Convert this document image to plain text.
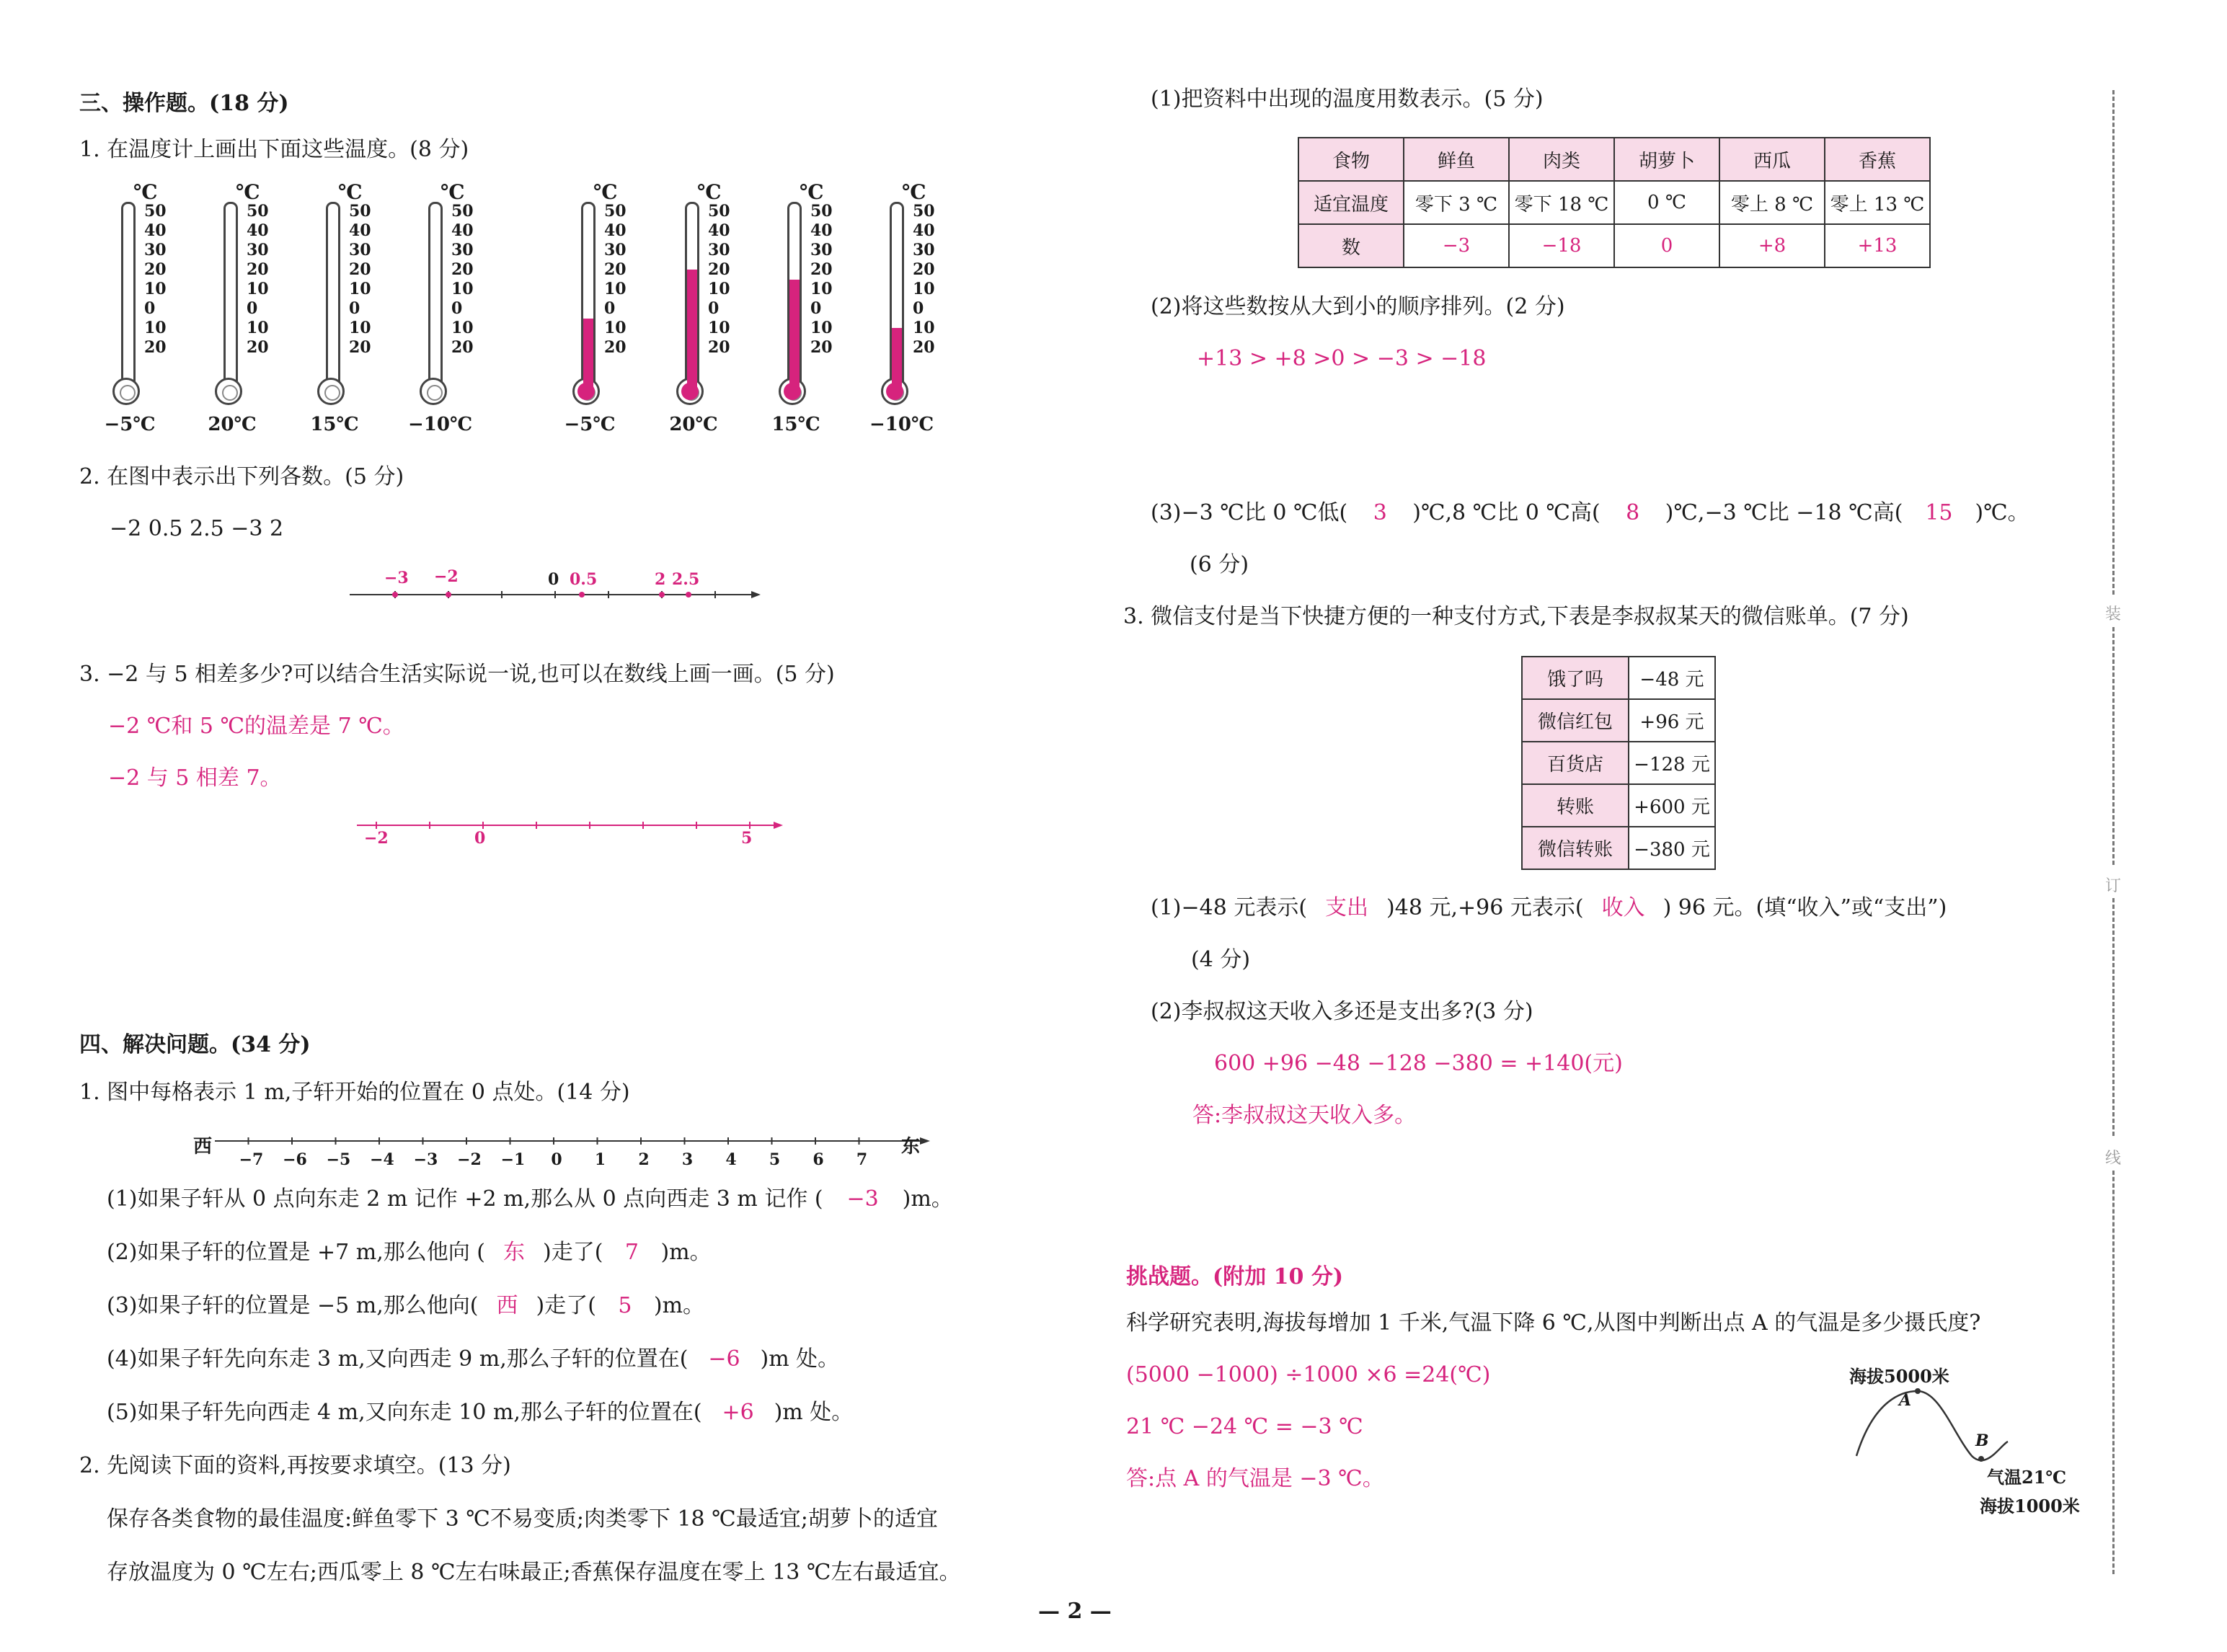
三、操作题。(18 分)
1. 在温度计上画出下面这些温度。(8 分)
℃
50
40
30
20
10
0
10
20
−5℃
℃
50
40
30
20
10
0
10
20
20℃
℃
50
40
30
20
10
0
10
20
15℃
℃
50
40
30
20
10
0
10
20
−10℃
℃
50
40
30
20
10
0
10
20
−5℃
℃
50
40
30
20
10
0
10
20
20℃
℃
50
40
30
20
10
0
10
20
15℃
℃
50
40
30
20
10
0
10
20
−10℃
2. 在图中表示出下列各数。(5 分)
−2 0.5 2.5 −3 2
−3 −2	0 0.5	2 2.5
3. −2 与 5 相差多少?可以结合生活实际说一说,也可以在数线上画一画。(5 分)
−2 ℃和 5 ℃的温差是 7 ℃。
−2 与 5 相差 7。
−2	0	5
四、解决问题。(34 分)
1. 图中每格表示 1 m,子轩开始的位置在 0 点处。(14 分)
西	东
−7 −6 −5 −4 −3 −2 −1	0	1	2	3	4	5	6	7
(1)如果子轩从 0 点向东走 2 m 记作 +2 m,那么从 0 点向西走 3 m 记作 ( −3 )m。
(2)如果子轩的位置是 +7 m,那么他向 ( 东 )走了( 7 )m。
(3)如果子轩的位置是 −5 m,那么他向( 西 )走了( 5 )m。
(4)如果子轩先向东走 3 m,又向西走 9 m,那么子轩的位置在( −6 )m 处。
(5)如果子轩先向西走 4 m,又向东走 10 m,那么子轩的位置在( +6 )m 处。
2. 先阅读下面的资料,再按要求填空。(13 分)
保存各类食物的最佳温度:鲜鱼零下 3 ℃不易变质;肉类零下 18 ℃最适宜;胡萝卜的适宜
存放温度为 0 ℃左右;西瓜零上 8 ℃左右味最正;香蕉保存温度在零上 13 ℃左右最适宜。
— 2 —
(1)把资料中出现的温度用数表示。(5 分)
食物	鲜鱼	肉类	胡萝卜	西瓜	香蕉
适宜温度	零下 3 ℃	零下 18 ℃	0 ℃	零上 8 ℃	零上 13 ℃
数	−3	−18	0	+8	+13
(2)将这些数按从大到小的顺序排列。(2 分)
+13 > +8 >0 > −3 > −18
(3)−3 ℃比 0 ℃低( 3 )℃,8 ℃比 0 ℃高( 8 )℃,−3 ℃比 −18 ℃高( 15 )℃。
(6 分)
3. 微信支付是当下快捷方便的一种支付方式,下表是李叔叔某天的微信账单。(7 分)
饿了吗	−48 元
微信红包	+96 元
百货店	−128 元
转账	+600 元
微信转账	−380 元
(1)−48 元表示( 支出 )48 元,+96 元表示( 收入 ) 96 元。(填“收入”或“支出”)
(4 分)
(2)李叔叔这天收入多还是支出多?(3 分)
600 +96 −48 −128 −380 = +140(元)
答:李叔叔这天收入多。
挑战题。(附加 10 分)
科学研究表明,海拔每增加 1 千米,气温下降 6 ℃,从图中判断出点 A 的气温是多少摄氏度?
(5000 −1000) ÷1000 ×6 =24(℃)
21 ℃ −24 ℃ = −3 ℃
答:点 A 的气温是 −3 ℃。
海拔5000米
A
B
气温21℃
海拔1000米
装
订
线
